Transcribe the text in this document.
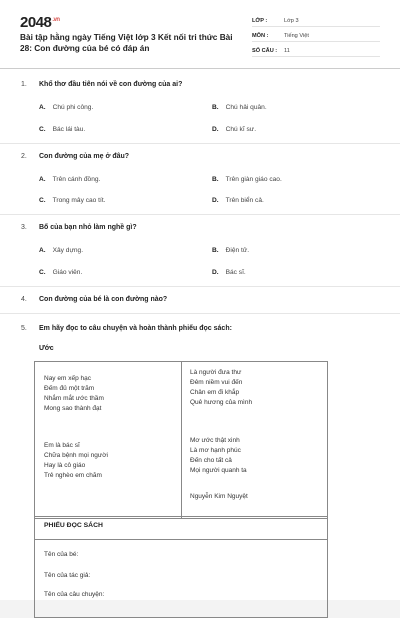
$2048^{.vn}$
Bài tập hằng ngày Tiếng Việt lớp 3 Kết nối tri thức Bài 28: Con đường của bé có đáp án
LỚP :	Lớp 3
MÔN :	Tiếng Việt
SỐ CÂU :	11
1. Khổ thơ đầu tiên nói về con đường của ai?
A. Chú phi công.	B. Chú hải quân.
C. Bác lái tàu.	D. Chú kĩ sư.
2. Con đường của mẹ ở đâu?
A. Trên cánh đồng.	B. Trên giàn giáo cao.
C. Trong mây cao tít.	D. Trên biển cả.
3. Bố của bạn nhỏ làm nghề gì?
A. Xây dựng.	B. Điện tử.
C. Giáo viên.	D. Bác sĩ.
4. Con đường của bé là con đường nào?
5. Em hãy đọc to câu chuyện và hoàn thành phiếu đọc sách:
Ước
Nay em xếp hạc
Đếm đủ một trăm
Nhắm mắt ước thầm
Mong sao thành đạt
Em là bác sĩ
Chữa bệnh mọi người
Hay là cô giáo
Trẻ nghèo em chăm
Là người đưa thư
Đêm niềm vui đến
Chân em đi khắp
Quê hương của mình
Mơ ước thật xinh
Là mơ hạnh phúc
Đến cho tất cả
Mọi người quanh ta
Nguyễn Kim Nguyệt
PHIẾU ĐỌC SÁCH
Tên của bé:
Tên của tác giả:
Tên của câu chuyện:
